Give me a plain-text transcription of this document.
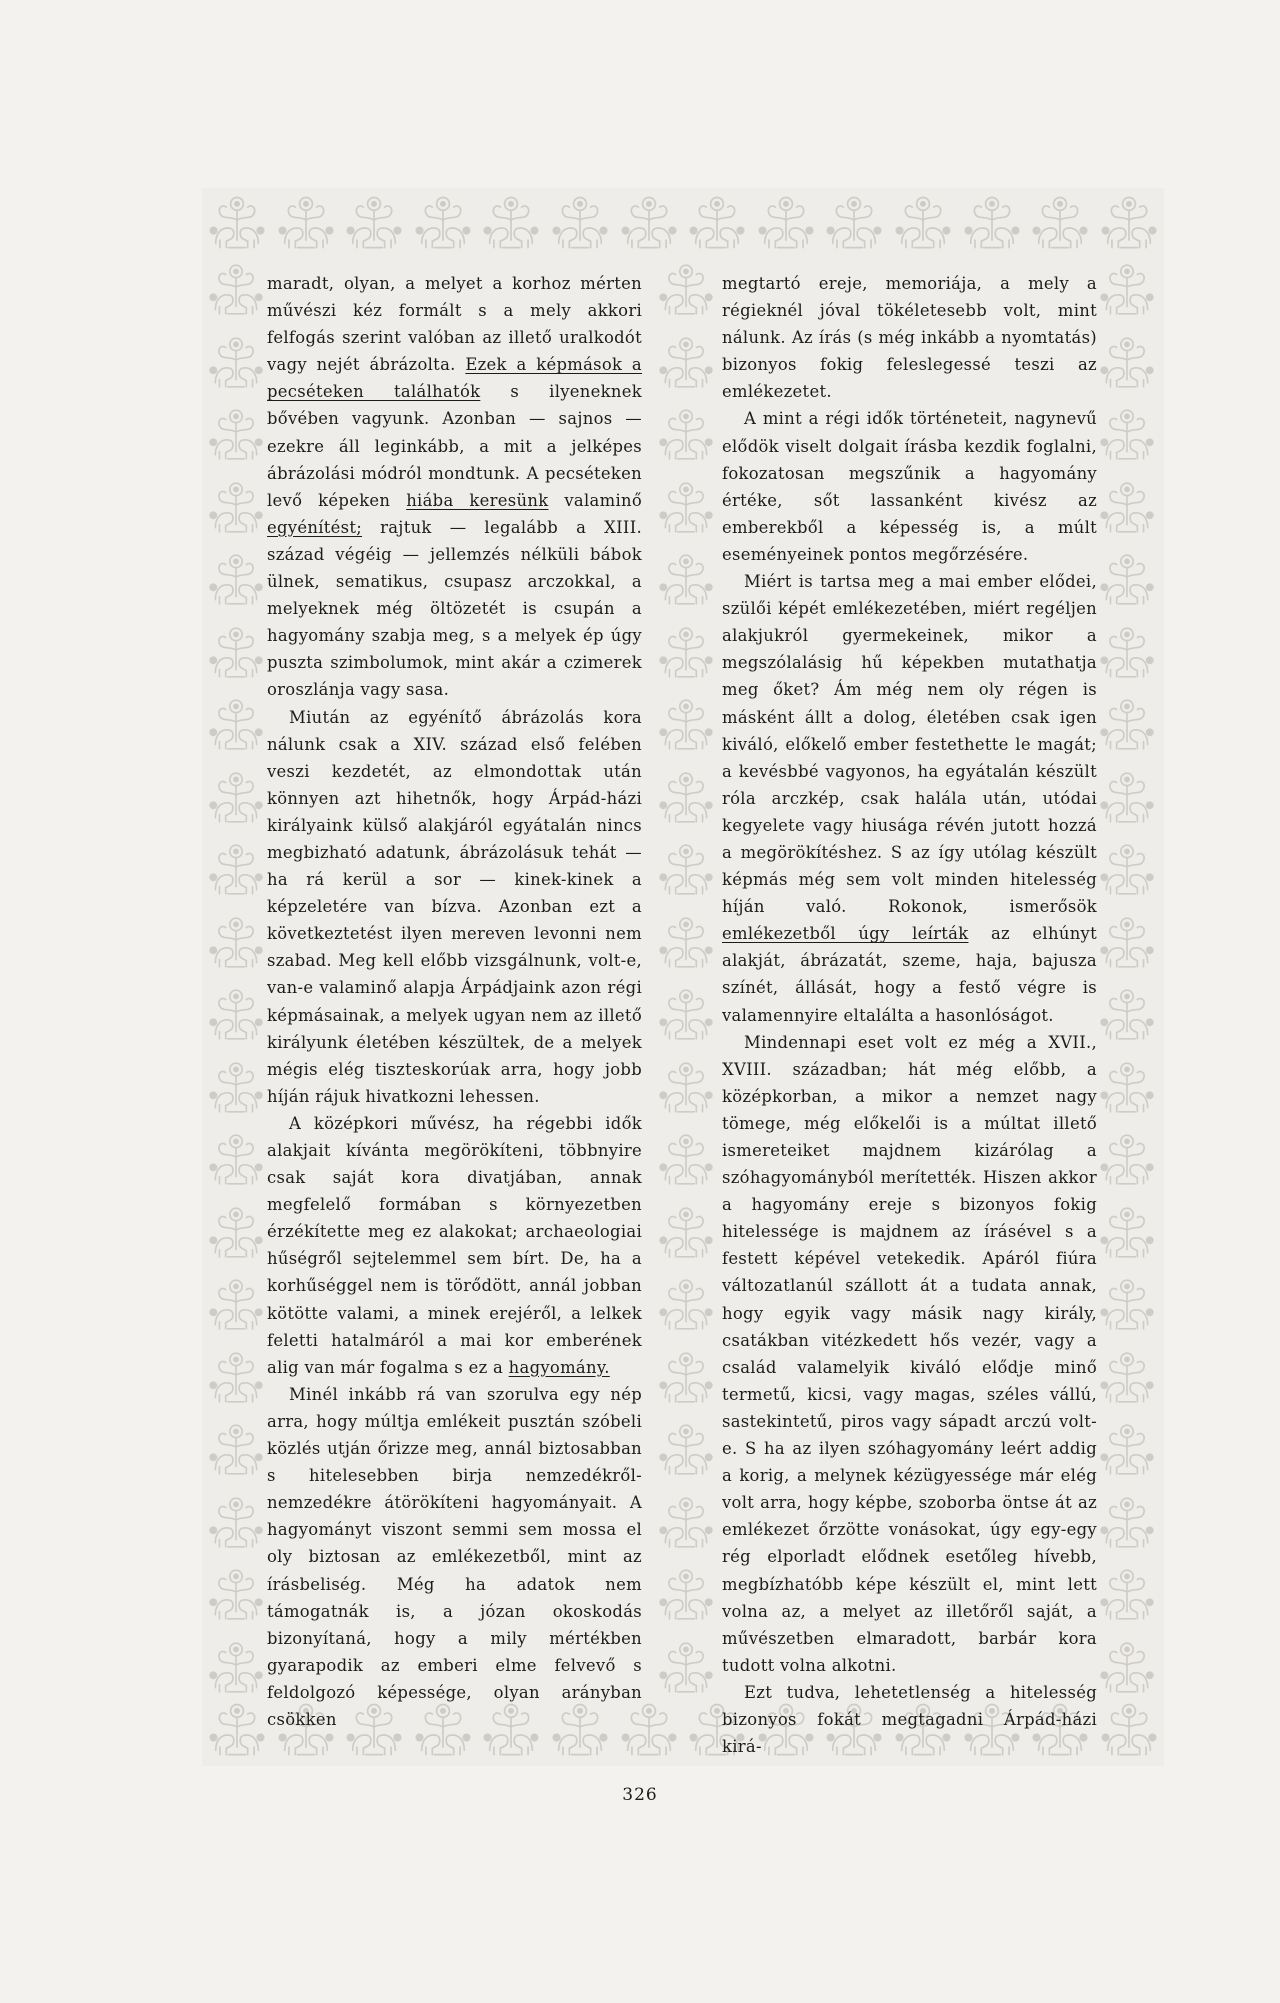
maradt, olyan, a melyet a korhoz mérten művészi kéz formált s a mely akkori felfogás szerint valóban az illető uralkodót vagy nejét ábrázolta. Ezek a képmások a pecséteken találhatók s ilyeneknek bővében vagyunk. Azonban — sajnos — ezekre áll leginkább, a mit a jelképes ábrázolási módról mondtunk. A pecséteken levő képeken hiába keresünk valaminő egyénítést; rajtuk — legalább a XIII. század végéig — jellemzés nélküli bábok ülnek, sematikus, csupasz arczokkal, a melyeknek még öltözetét is csupán a hagyomány szabja meg, s a melyek ép úgy puszta szimbolumok, mint akár a czimerek oroszlánja vagy sasa.

Miután az egyénítő ábrázolás kora nálunk csak a XIV. század első felében veszi kezdetét, az elmondottak után könnyen azt hihetnők, hogy Árpád-házi királyaink külső alakjáról egyátalán nincs megbizható adatunk, ábrázolásuk tehát — ha rá kerül a sor — kinek-kinek a képzeletére van bízva. Azonban ezt a következtetést ilyen mereven levonni nem szabad. Meg kell előbb vizsgálnunk, volt-e, van-e valaminő alapja Árpádjaink azon régi képmásainak, a melyek ugyan nem az illető királyunk életében készültek, de a melyek mégis elég tiszteskorúak arra, hogy jobb híján rájuk hivatkozni lehessen.

A középkori művész, ha régebbi idők alakjait kívánta megörökíteni, többnyire csak saját kora divatjában, annak megfelelő formában s környezetben érzékítette meg ez alakokat; archaeologiai hűségről sejtelemmel sem bírt. De, ha a korhűséggel nem is törődött, annál jobban kötötte valami, a minek erejéről, a lelkek feletti hatalmáról a mai kor emberének alig van már fogalma s ez a hagyomány.

Minél inkább rá van szorulva egy nép arra, hogy múltja emlékeit pusztán szóbeli közlés utján őrizze meg, annál biztosabban s hitelesebben birja nemzedékről-nemzedékre átörökíteni hagyományait. A hagyományt viszont semmi sem mossa el oly biztosan az emlékezetből, mint az írásbeliség. Még ha adatok nem támogatnák is, a józan okoskodás bizonyítaná, hogy a mily mértékben gyarapodik az emberi elme felvevő s feldolgozó képessége, olyan arányban csökken

megtartó ereje, memoriája, a mely a régieknél jóval tökéletesebb volt, mint nálunk. Az írás (s még inkább a nyomtatás) bizonyos fokig feleslegessé teszi az emlékezetet.

A mint a régi idők történeteit, nagynevű elődök viselt dolgait írásba kezdik foglalni, fokozatosan megszűnik a hagyomány értéke, sőt lassanként kivész az emberekből a képesség is, a múlt eseményeinek pontos megőrzésére.

Miért is tartsa meg a mai ember elődei, szülői képét emlékezetében, miért regéljen alakjukról gyermekeinek, mikor a megszólalásig hű képekben mutathatja meg őket? Ám még nem oly régen is másként állt a dolog, életében csak igen kiváló, előkelő ember festethette le magát; a kevésbbé vagyonos, ha egyátalán készült róla arczkép, csak halála után, utódai kegyelete vagy hiusága révén jutott hozzá a megörökítéshez. S az így utólag készült képmás még sem volt minden hitelesség híján való. Rokonok, ismerősök emlékezetből úgy leírták az elhúnyt alakját, ábrázatát, szeme, haja, bajusza színét, állását, hogy a festő végre is valamennyire eltalálta a hasonlóságot.

Mindennapi eset volt ez még a XVII., XVIII. században; hát még előbb, a középkorban, a mikor a nemzet nagy tömege, még előkelői is a múltat illető ismereteiket majdnem kizárólag a szóhagyományból merítették. Hiszen akkor a hagyomány ereje s bizonyos fokig hitelessége is majdnem az írásével s a festett képével vetekedik. Apáról fiúra változatlanúl szállott át a tudata annak, hogy egyik vagy másik nagy király, csatákban vitézkedett hős vezér, vagy a család valamelyik kiváló elődje minő termetű, kicsi, vagy magas, széles vállú, sastekintetű, piros vagy sápadt arczú volt-e. S ha az ilyen szóhagyomány leért addig a korig, a melynek kézügyessége már elég volt arra, hogy képbe, szoborba öntse át az emlékezet őrzötte vonásokat, úgy egy-egy rég elporladt elődnek esetőleg hívebb, megbízhatóbb képe készült el, mint lett volna az, a melyet az illetőről saját, a művészetben elmaradott, barbár kora tudott volna alkotni.

Ezt tudva, lehetetlenség a hitelesség bizonyos fokát megtagadni Árpád-házi kirá-

326
